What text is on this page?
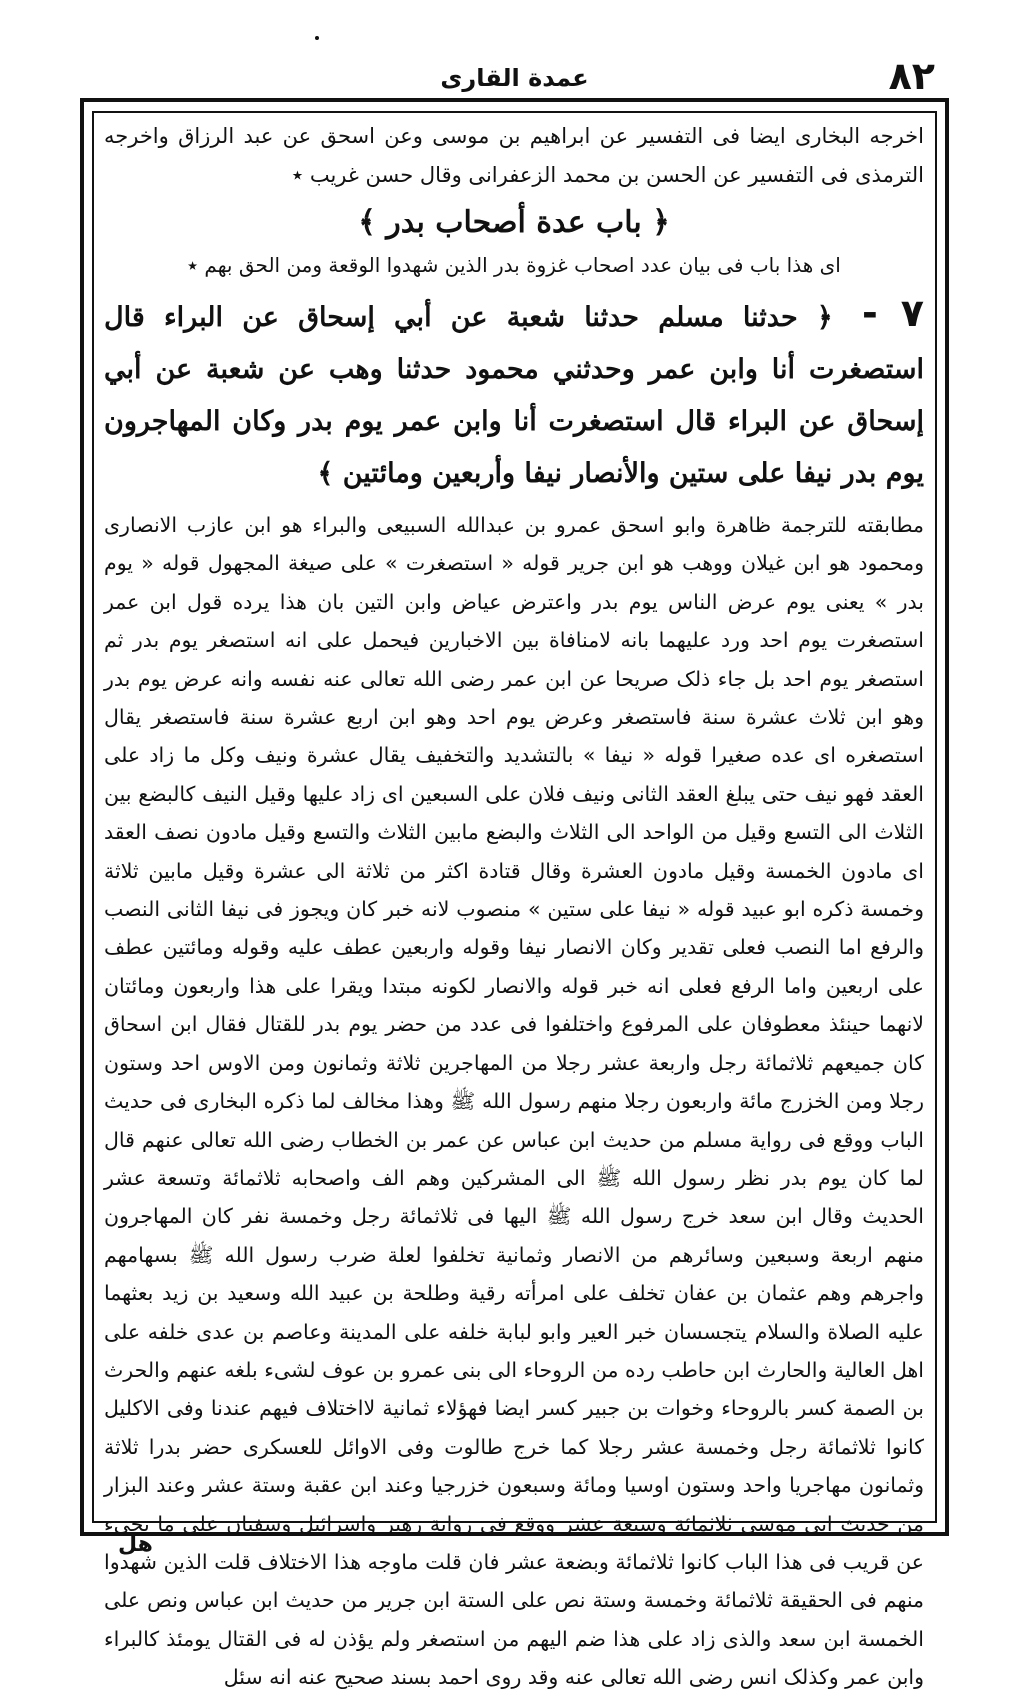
عمدة القاری	٨٢

اخرجه البخاری ایضا فی التفسیر عن ابراهیم بن موسی وعن اسحق عن عبد الرزاق واخرجه الترمذی فی التفسیر عن الحسن بن محمد الزعفرانی وقال حسن غریب ٭

﴿ باب عدة أصحاب بدر ﴾

ای هذا باب فی بیان عدد اصحاب غزوة بدر الذین شهدوا الوقعة ومن الحق بهم ٭

٧ - ﴿ حدثنا مسلم حدثنا شعبة عن أبي إسحاق عن البراء قال استصغرت أنا وابن عمر وحدثني محمود حدثنا وهب عن شعبة عن أبي إسحاق عن البراء قال استصغرت أنا وابن عمر يوم بدر وكان المهاجرون يوم بدر نيفا على ستين والأنصار نيفا وأربعين ومائتين ﴾

مطابقته للترجمة ظاهرة وابو اسحق عمرو بن عبدالله السبیعی والبراء هو ابن عازب الانصاری ومحمود هو ابن غیلان ووهب هو ابن جریر قوله « استصغرت » علی صیغة المجهول قوله « یوم بدر » یعنی یوم عرض الناس یوم بدر واعترض عیاض وابن التین بان هذا یرده قول ابن عمر استصغرت یوم احد ورد علیهما بانه لامنافاة بین الاخبارین فیحمل علی انه استصغر یوم بدر ثم استصغر یوم احد بل جاء ذلک صریحا عن ابن عمر رضی الله تعالی عنه نفسه وانه عرض یوم بدر وهو ابن ثلاث عشرة سنة فاستصغر وعرض یوم احد وهو ابن اربع عشرة سنة فاستصغر یقال استصغره ای عده صغیرا قوله « نیفا » بالتشدید والتخفیف یقال عشرة ونیف وکل ما زاد علی العقد فهو نیف حتی یبلغ العقد الثانی ونیف فلان علی السبعین ای زاد علیها وقیل النیف کالبضع بین الثلاث الی التسع وقیل من الواحد الی الثلاث والبضع مابین الثلاث والتسع وقیل مادون نصف العقد ای مادون الخمسة وقیل مادون العشرة وقال قتادة اکثر من ثلاثة الی عشرة وقیل مابین ثلاثة وخمسة ذکره ابو عبید قوله « نیفا علی ستین » منصوب لانه خبر کان ویجوز فی نیفا الثانی النصب والرفع اما النصب فعلی تقدیر وکان الانصار نیفا وقوله واربعین عطف علیه وقوله ومائتین عطف علی اربعین واما الرفع فعلی انه خبر قوله والانصار لکونه مبتدا ویقرا علی هذا واربعون ومائتان لانهما حینئذ معطوفان علی المرفوع واختلفوا فی عدد من حضر یوم بدر للقتال فقال ابن اسحاق کان جمیعهم ثلاثمائة رجل واربعة عشر رجلا من المهاجرین ثلاثة وثمانون ومن الاوس احد وستون رجلا ومن الخزرج مائة واربعون رجلا منهم رسول الله ﷺ وهذا مخالف لما ذکره البخاری فی حدیث الباب ووقع فی روایة مسلم من حدیث ابن عباس عن عمر بن الخطاب رضی الله تعالی عنهم قال لما کان یوم بدر نظر رسول الله ﷺ الی المشرکین وهم الف واصحابه ثلاثمائة وتسعة عشر الحدیث وقال ابن سعد خرج رسول الله ﷺ الیها فی ثلاثمائة رجل وخمسة نفر کان المهاجرون منهم اربعة وسبعین وسائرهم من الانصار وثمانیة تخلفوا لعلة ضرب رسول الله ﷺ بسهامهم واجرهم وهم عثمان بن عفان تخلف علی امرأته رقیة وطلحة بن عبید الله وسعید بن زید بعثهما علیه الصلاة والسلام یتجسسان خبر العیر وابو لبابة خلفه علی المدینة وعاصم بن عدی خلفه علی اهل العالیة والحارث ابن حاطب رده من الروحاء الی بنی عمرو بن عوف لشیء بلغه عنهم والحرث بن الصمة کسر بالروحاء وخوات بن جبیر کسر ایضا فهؤلاء ثمانیة لااختلاف فیهم عندنا وفی الاکلیل کانوا ثلاثمائة رجل وخمسة عشر رجلا کما خرج طالوت وفی الاوائل للعسکری حضر بدرا ثلاثة وثمانون مهاجریا واحد وستون اوسیا ومائة وسبعون خزرجیا وعند ابن عقبة وستة عشر وعند البزار من حدیث ابی موسی ثلاثمائة وسبعة عشر ووقع فی روایة زهیر واسرائیل وسفیان علی ما یجیء عن قریب فی هذا الباب کانوا ثلاثمائة وبضعة عشر فان قلت ماوجه هذا الاختلاف قلت الذین شهدوا منهم فی الحقیقة ثلاثمائة وخمسة وستة نص علی الستة ابن جریر من حدیث ابن عباس ونص علی الخمسة ابن سعد والذی زاد علی هذا ضم الیهم من استصغر ولم یؤذن له فی القتال یومئذ کالبراء وابن عمر وکذلک انس رضی الله تعالی عنه وقد روی احمد بسند صحیح عنه انه سئل

هل
